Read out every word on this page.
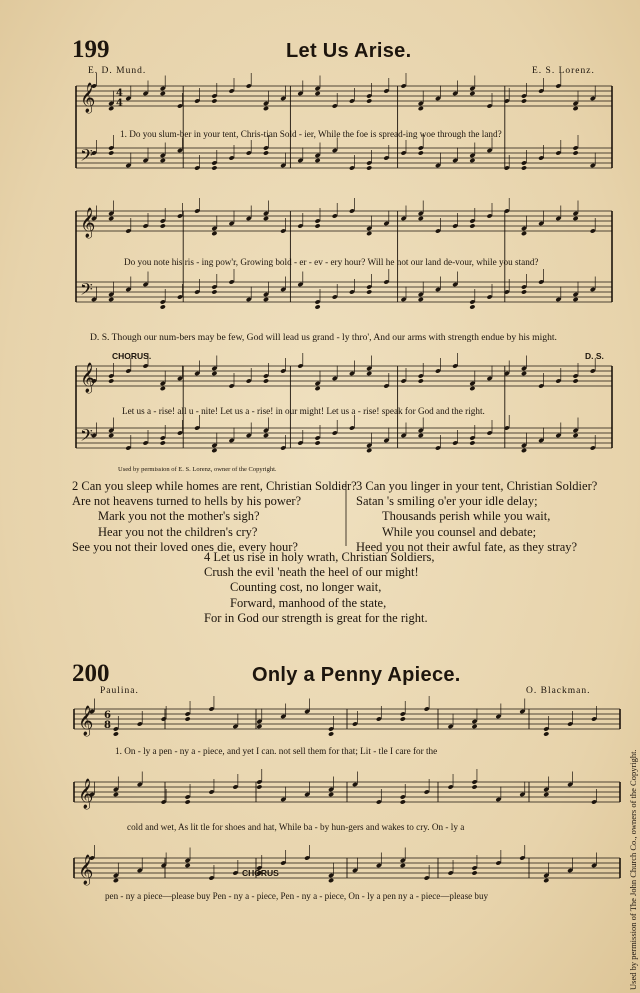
𝄞
𝄢
𝄞
𝄢
𝄞
𝄢
4
4
𝄞
𝄞
𝄞
6
8
199	Let Us Arise.
E. D. Mund.	E. S. Lorenz.
1. Do you slum-ber in your tent, Chris-tian Sold - ier, While the foe is spread-ing woe through the land?
Do you note his ris - ing pow'r, Growing bold - er - ev - ery hour? Will he not our land de-vour, while you stand?
D. S. Though our num-bers may be few, God will lead us grand - ly thro', And our arms with strength endue by his might.
CHORUS.	D. S.
Let us a - rise! all u - nite! Let us a - rise! in our might! Let us a - rise! speak for God and the right.
Used by permission of E. S. Lorenz, owner of the Copyright.
2 Can you sleep while homes are rent, Christian Soldier?
Are not heavens turned to hells by his power?
Mark you not the mother's sigh?
Hear you not the children's cry?
See you not their loved ones die, every hour?
3 Can you linger in your tent, Christian Soldier?
Satan 's smiling o'er your idle delay;
Thousands perish while you wait,
While you counsel and debate;
Heed you not their awful fate, as they stray?
4 Let us rise in holy wrath, Christian Soldiers,
Crush the evil 'neath the heel of our might!
Counting cost, no longer wait,
Forward, manhood of the state,
For in God our strength is great for the right.
200	Only a Penny Apiece.
Paulina.	O. Blackman.
1. On - ly a pen - ny a - piece, and yet I can. not sell them for that; Lit - tle I care for the
cold and wet, As lit tle for shoes and hat, While ba - by hun-gers and wakes to cry. On - ly a
CHORUS
pen - ny a piece—please buy Pen - ny a - piece, Pen - ny a - piece, On - ly a pen ny a - piece—please buy	Used by permission of The John Church Co., owners of the Copyright.
